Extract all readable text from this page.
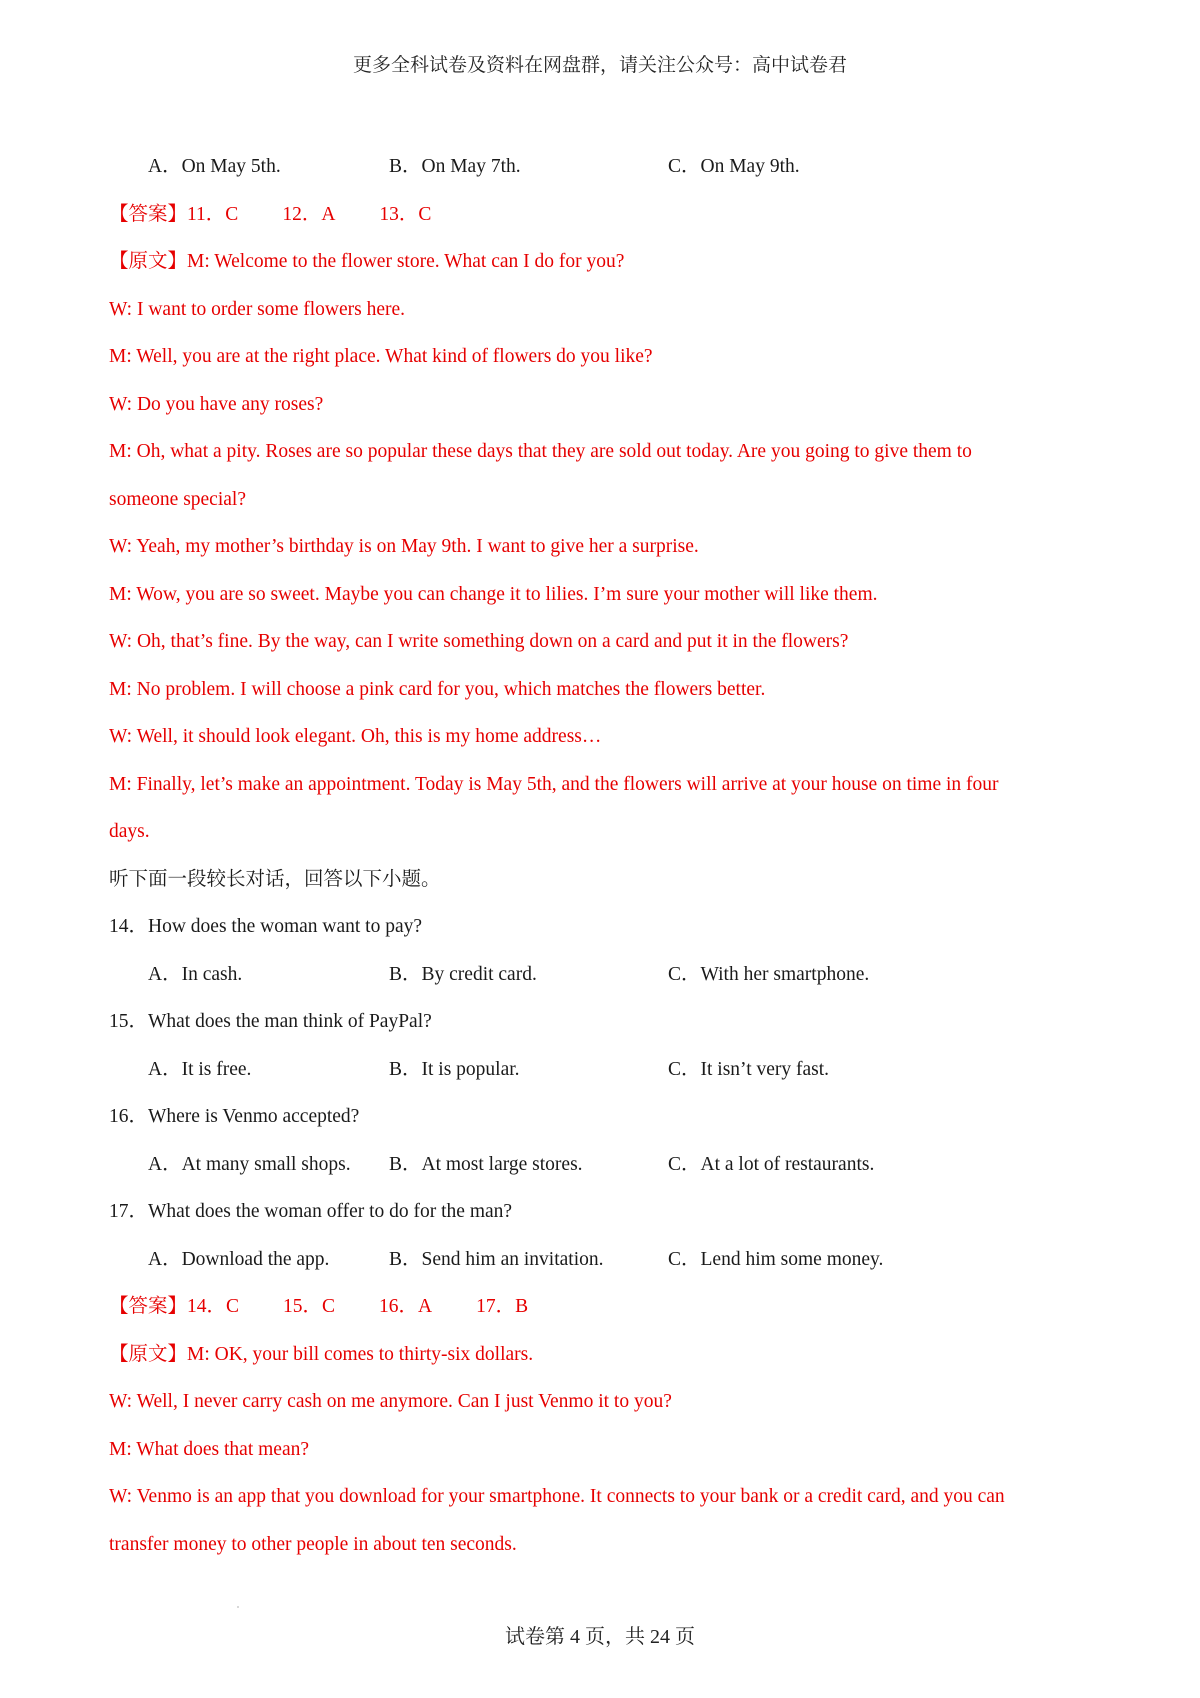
更多全科试卷及资料在网盘群，请关注公众号：高中试卷君
A．On May 5th.	B．On May 7th.	C．On May 9th.
【答案】11．C 12．A 13．C
【原文】M: Welcome to the flower store. What can I do for you?
W: I want to order some flowers here.
M: Well, you are at the right place. What kind of flowers do you like?
W: Do you have any roses?
M: Oh, what a pity. Roses are so popular these days that they are sold out today. Are you going to give them to
someone special?
W: Yeah, my mother’s birthday is on May 9th. I want to give her a surprise.
M: Wow, you are so sweet. Maybe you can change it to lilies. I’m sure your mother will like them.
W: Oh, that’s fine. By the way, can I write something down on a card and put it in the flowers?
M: No problem. I will choose a pink card for you, which matches the flowers better.
W: Well, it should look elegant. Oh, this is my home address…
M: Finally, let’s make an appointment. Today is May 5th, and the flowers will arrive at your house on time in four
days.
听下面一段较长对话，回答以下小题。
14．How does the woman want to pay?
A．In cash.	B．By credit card.	C．With her smartphone.
15．What does the man think of PayPal?
A．It is free.	B．It is popular.	C．It isn’t very fast.
16．Where is Venmo accepted?
A．At many small shops. B．At most large stores.	C．At a lot of restaurants.
17．What does the woman offer to do for the man?
A．Download the app.	B．Send him an invitation.	C．Lend him some money.
【答案】14．C 15．C 16．A 17．B
【原文】M: OK, your bill comes to thirty-six dollars.
W: Well, I never carry cash on me anymore. Can I just Venmo it to you?
M: What does that mean?
W: Venmo is an app that you download for your smartphone. It connects to your bank or a credit card, and you can
transfer money to other people in about ten seconds.
试卷第 4 页，共 24 页
